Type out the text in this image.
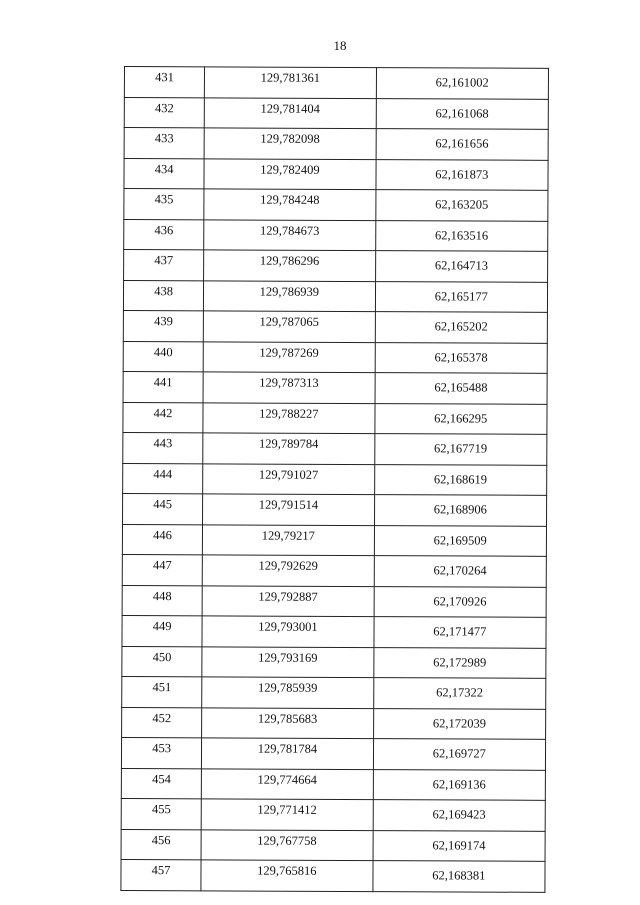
18
431	129,781361	62,161002
432	129,781404	62,161068
433	129,782098	62,161656
434	129,782409	62,161873
435	129,784248	62,163205
436	129,784673	62,163516
437	129,786296	62,164713
438	129,786939	62,165177
439	129,787065	62,165202
440	129,787269	62,165378
441	129,787313	62,165488
442	129,788227	62,166295
443	129,789784	62,167719
444	129,791027	62,168619
445	129,791514	62,168906
446	129,79217	62,169509
447	129,792629	62,170264
448	129,792887	62,170926
449	129,793001	62,171477
450	129,793169	62,172989
451	129,785939	62,17322
452	129,785683	62,172039
453	129,781784	62,169727
454	129,774664	62,169136
455	129,771412	62,169423
456	129,767758	62,169174
457	129,765816	62,168381
